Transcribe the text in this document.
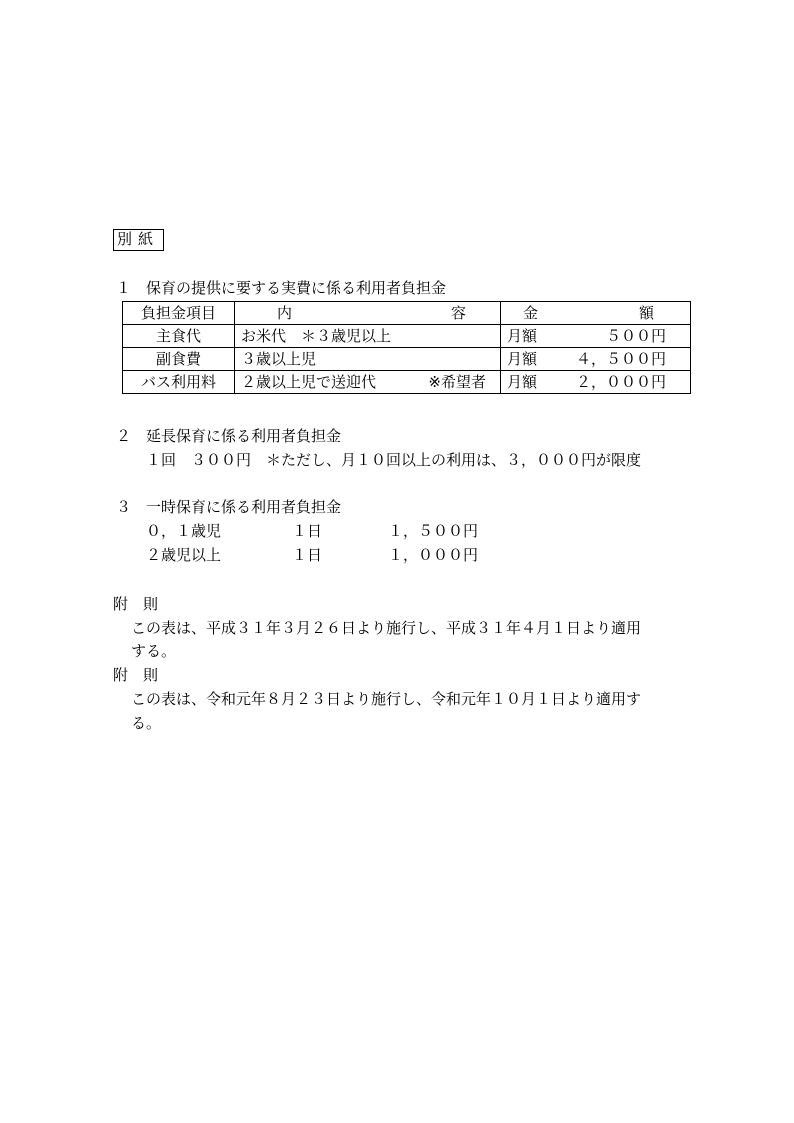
別紙
１　保育の提供に要する実費に係る利用者負担金
負担金項目	内 容	金 額

主食代	お米代　＊３歳児以上	月額 ５００円

副食費	３歳以上児	月額 ４，５００円

バス利用料	２歳以上児で送迎代 ※希望者	月額 ２，０００円
２　延長保育に係る利用者負担金
１回　３００円　＊ただし、月１０回以上の利用は、３，０００円が限度
３　一時保育に係る利用者負担金
０，１歳児	１日	１，５００円
２歳児以上	１日	１，０００円
附　則
この表は、平成３１年３月２６日より施行し、平成３１年４月１日より適用
する。
附　則
この表は、令和元年８月２３日より施行し、令和元年１０月１日より適用す
る。
